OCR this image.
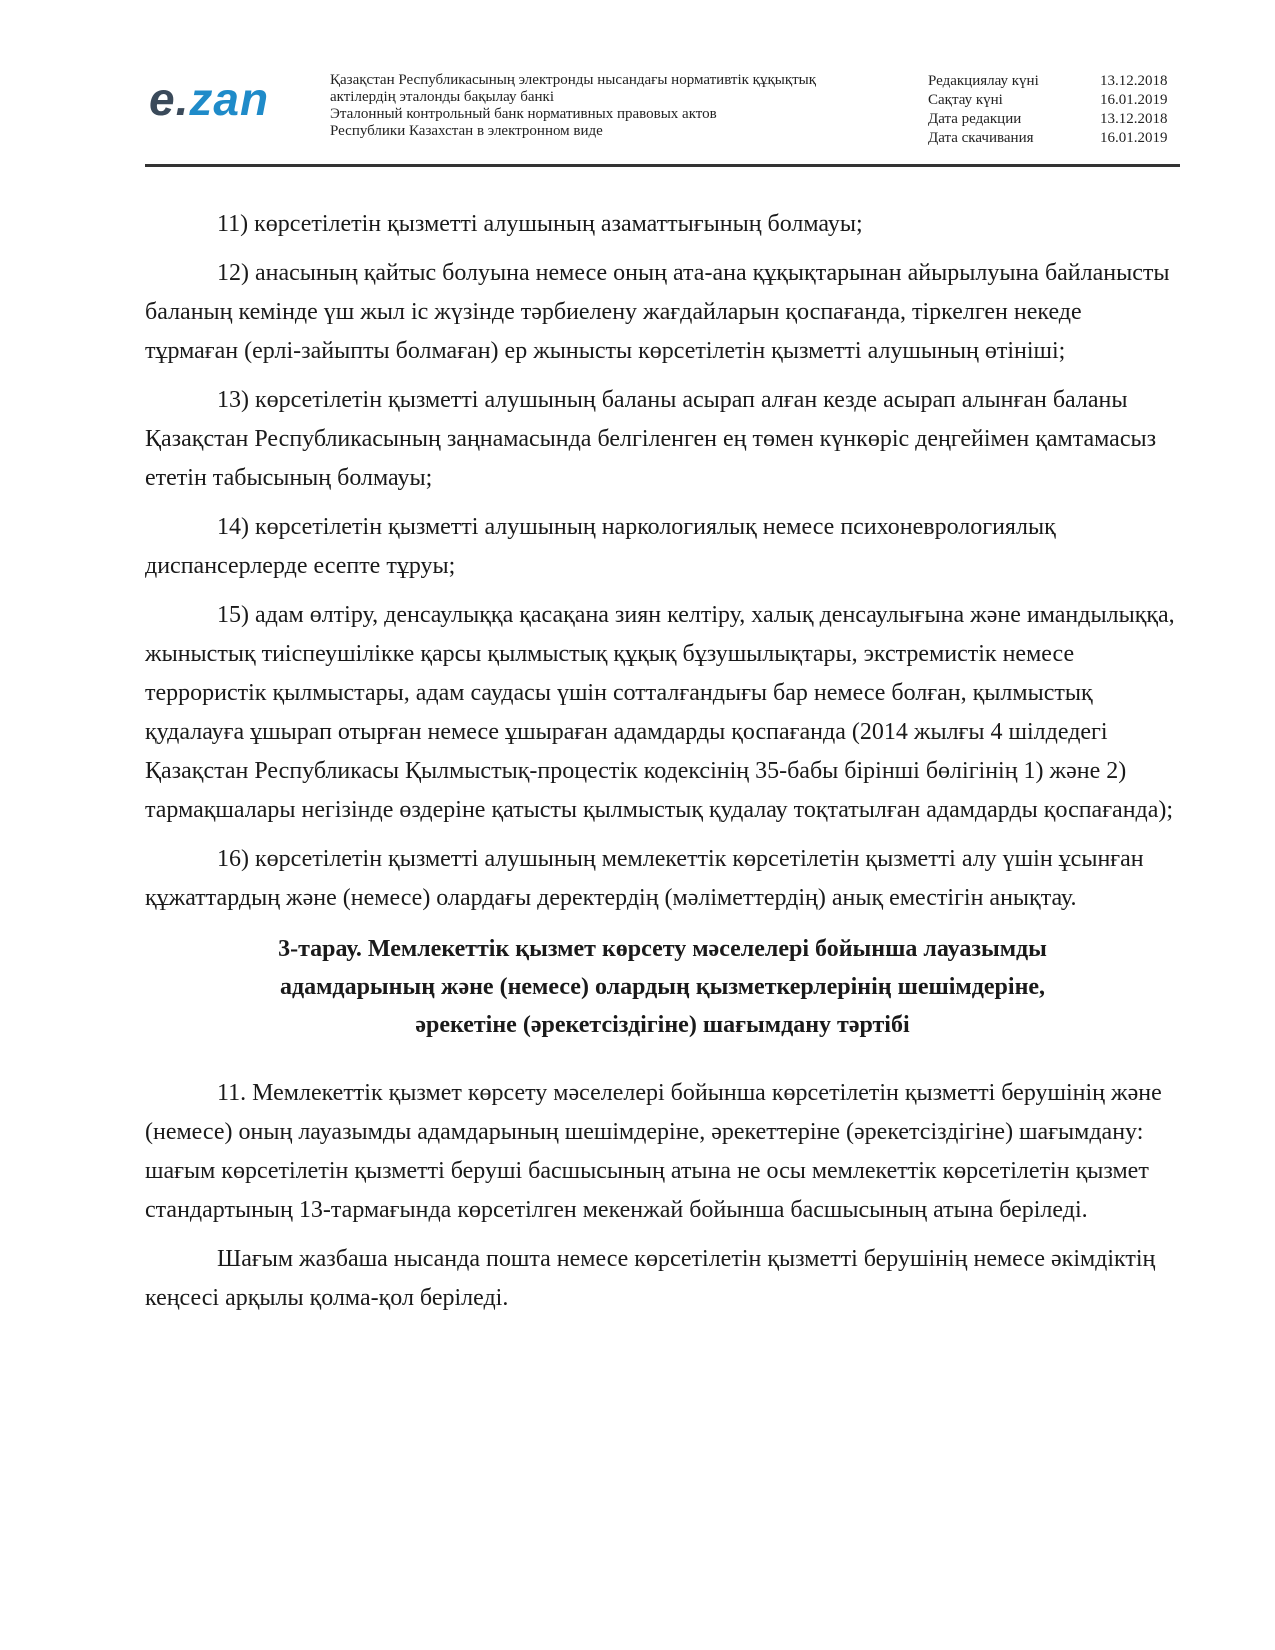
e.zan	Қазақстан Республикасының электронды нысандағы нормативтік құқықтық
актілердің эталонды бақылау банкі
Эталонный контрольный банк нормативных правовых актов
Республики Казахстан в электронном виде
Редакциялау күні	13.12.2018
Сақтау күні	16.01.2019
Дата редакции	13.12.2018
Дата скачивания	16.01.2019

11) көрсетілетін қызметті алушының азаматтығының болмауы;

12) анасының қайтыс болуына немесе оның ата-ана құқықтарынан айырылуына байланысты баланың кемінде үш жыл іс жүзінде тәрбиелену жағдайларын қоспағанда, тіркелген некеде тұрмаған (ерлі-зайыпты болмаған) ер жынысты көрсетілетін қызметті алушының өтініші;

13) көрсетілетін қызметті алушының баланы асырап алған кезде асырап алынған баланы Қазақстан Республикасының заңнамасында белгіленген ең төмен күнкөріс деңгейімен қамтамасыз ететін табысының болмауы;

14) көрсетілетін қызметті алушының наркологиялық немесе психоневрологиялық диспансерлерде есепте тұруы;

15) адам өлтіру, денсаулыққа қасақана зиян келтіру, халық денсаулығына және имандылыққа, жыныстық тиіспеушілікке қарсы қылмыстық құқық бұзушылықтары, экстремистік немесе террористік қылмыстары, адам саудасы үшін сотталғандығы бар немесе болған, қылмыстық қудалауға ұшырап отырған немесе ұшыраған адамдарды қоспағанда (2014 жылғы 4 шілдедегі Қазақстан Республикасы Қылмыстық-процестік кодексінің 35-бабы бірінші бөлігінің 1) және 2) тармақшалары негізінде өздеріне қатысты қылмыстық қудалау тоқтатылған адамдарды қоспағанда);

16) көрсетілетін қызметті алушының мемлекеттік көрсетілетін қызметті алу үшін ұсынған құжаттардың және (немесе) олардағы деректердің (мәліметтердің) анық еместігін анықтау.

3-тарау. Мемлекеттік қызмет көрсету мәселелері бойынша лауазымды
адамдарының және (немесе) олардың қызметкерлерінің шешімдеріне,
әрекетіне (әрекетсіздігіне) шағымдану тәртібі

11. Мемлекеттік қызмет көрсету мәселелері бойынша көрсетілетін қызметті берушінің және (немесе) оның лауазымды адамдарының шешімдеріне, әрекеттеріне (әрекетсіздігіне) шағымдану: шағым көрсетілетін қызметті беруші басшысының атына не осы мемлекеттік көрсетілетін қызмет стандартының 13-тармағында көрсетілген мекенжай бойынша басшысының атына беріледі.

Шағым жазбаша нысанда пошта немесе көрсетілетін қызметті берушінің немесе әкімдіктің кеңсесі арқылы қолма-қол беріледі.
